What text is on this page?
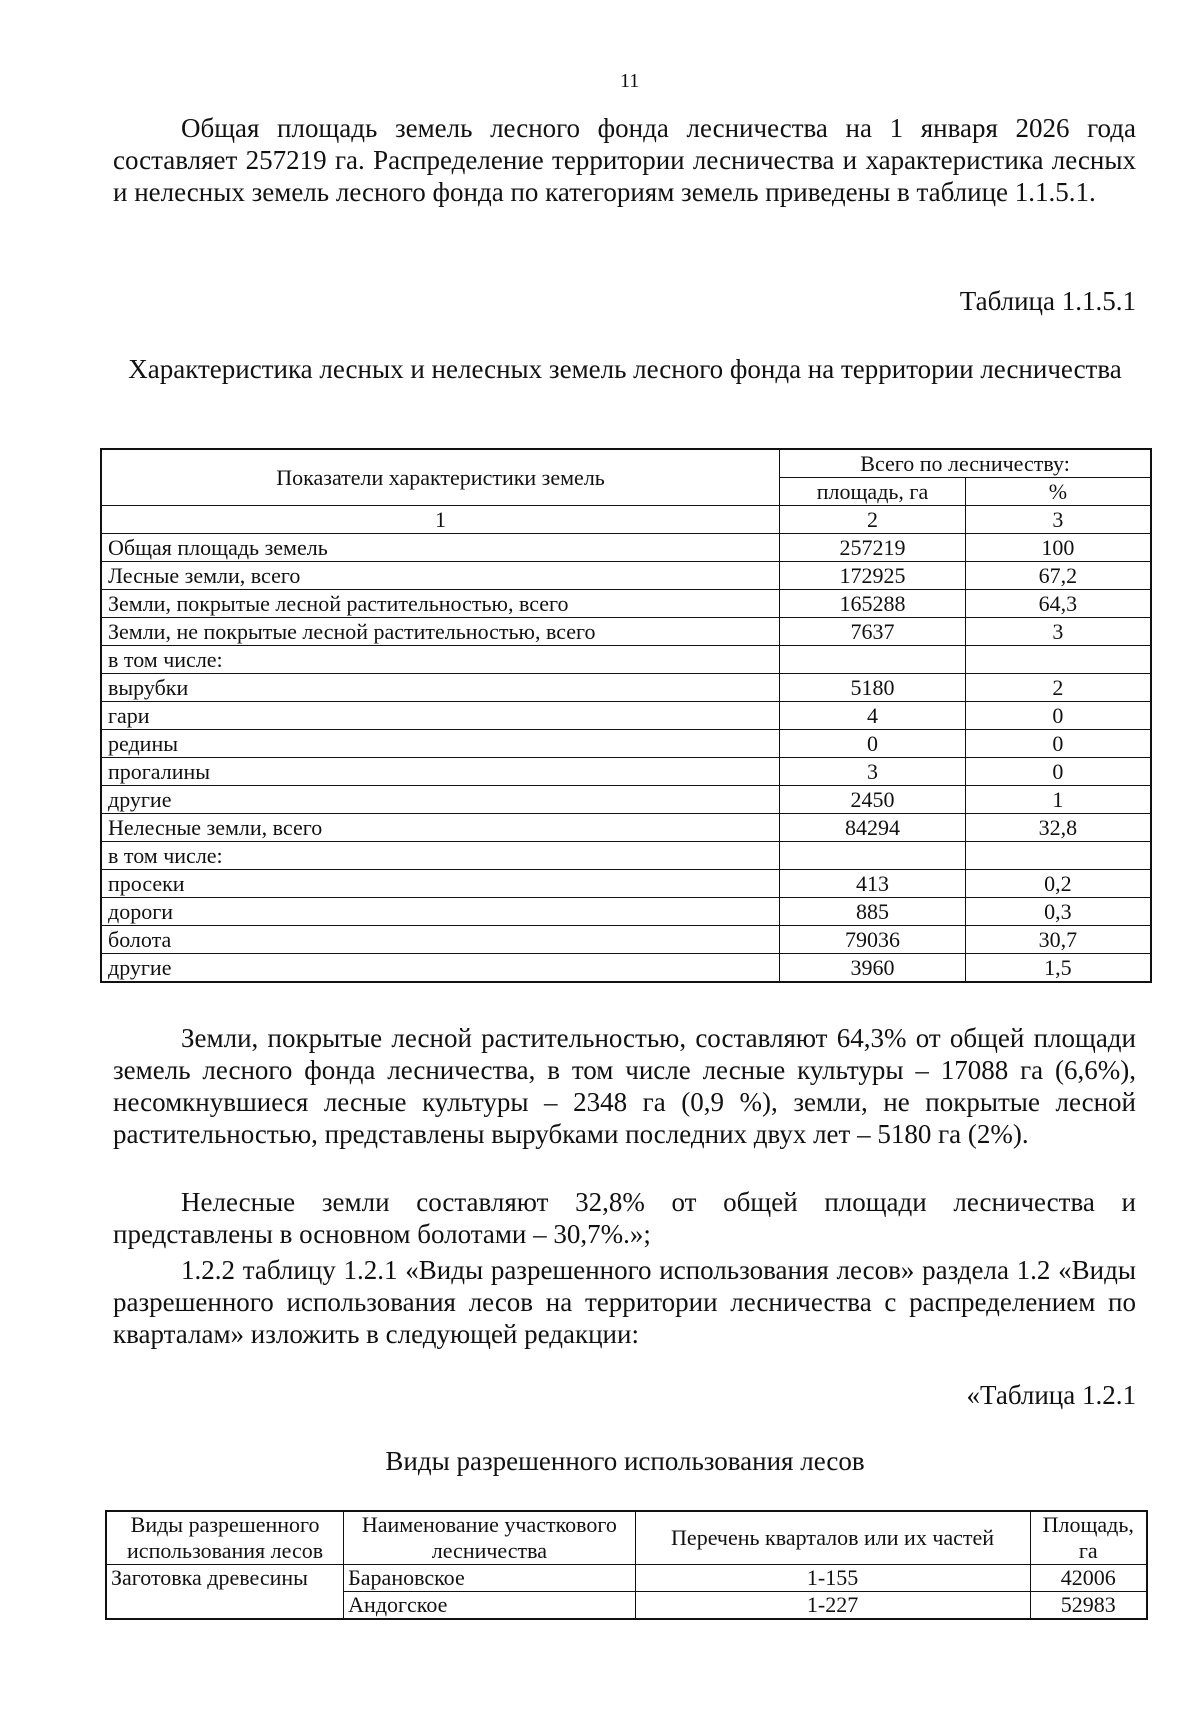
11

Общая площадь земель лесного фонда лесничества на 1 января 2026 года составляет 257219 га. Распределение территории лесничества и характеристика лесных и нелесных земель лесного фонда по категориям земель приведены в таблице 1.1.5.1.

Таблица 1.1.5.1
Характеристика лесных и нелесных земель лесного фонда на территории лесничества
Показатели характеристики земель	Всего по лесничеству:	
	площадь, га	%
1	2	3
Общая площадь земель	257219	100
Лесные земли, всего	172925	67,2
Земли, покрытые лесной растительностью, всего	165288	64,3
Земли, не покрытые лесной растительностью, всего	7637	3
в том числе:		
вырубки	5180	2
гари	4	0
редины	0	0
прогалины	3	0
другие	2450	1
Нелесные земли, всего	84294	32,8
в том числе:		
просеки	413	0,2
дороги	885	0,3
болота	79036	30,7
другие	3960	1,5

Земли, покрытые лесной растительностью, составляют 64,3% от общей площади земель лесного фонда лесничества, в том числе лесные культуры – 17088 га (6,6%), несомкнувшиеся лесные культуры – 2348 га (0,9 %), земли, не покрытые лесной растительностью, представлены вырубками последних двух лет – 5180 га (2%).

Нелесные земли составляют 32,8% от общей площади лесничества и представлены в основном болотами – 30,7%.»;

1.2.2 таблицу 1.2.1 «Виды разрешенного использования лесов» раздела 1.2 «Виды разрешенного использования лесов на территории лесничества с распределением по кварталам» изложить в следующей редакции:

«Таблица 1.2.1
Виды разрешенного использования лесов
Виды разрешенного использования лесов	Наименование участкового лесничества	Перечень кварталов или их частей	Площадь, га
Заготовка древесины	Барановское	1-155	42006
	Андогское	1-227	52983
